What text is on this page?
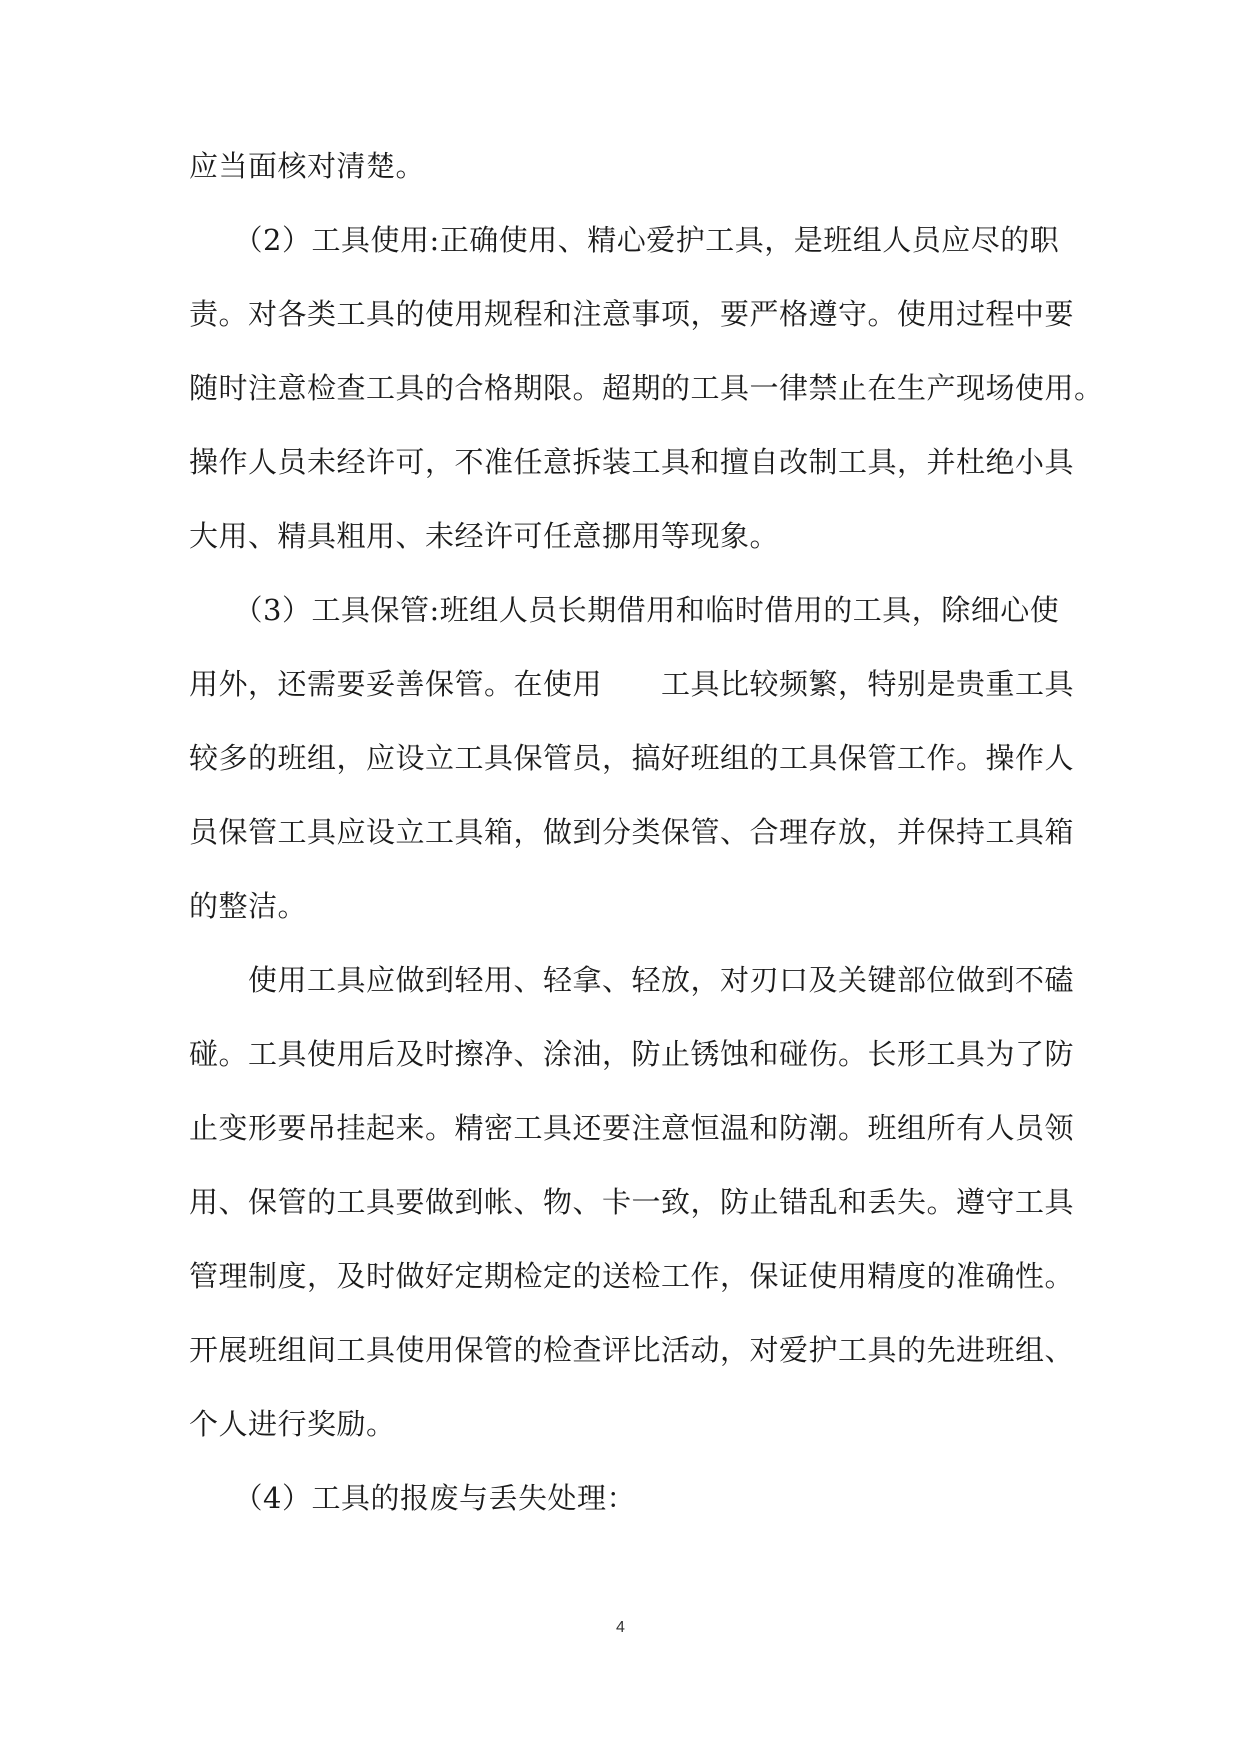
应当面核对清楚。
　　（2）工具使用:正确使用、精心爱护工具，是班组人员应尽的职
责。对各类工具的使用规程和注意事项，要严格遵守。使用过程中要
随时注意检查工具的合格期限。超期的工具一律禁止在生产现场使用。
操作人员未经许可，不准任意拆装工具和擅自改制工具，并杜绝小具
大用、精具粗用、未经许可任意挪用等现象。
　　（3）工具保管:班组人员长期借用和临时借用的工具，除细心使
用外，还需要妥善保管。在使用　　工具比较频繁，特别是贵重工具
较多的班组，应设立工具保管员，搞好班组的工具保管工作。操作人
员保管工具应设立工具箱，做到分类保管、合理存放，并保持工具箱
的整洁。
　　使用工具应做到轻用、轻拿、轻放，对刃口及关键部位做到不磕
碰。工具使用后及时擦净、涂油，防止锈蚀和碰伤。长形工具为了防
止变形要吊挂起来。精密工具还要注意恒温和防潮。班组所有人员领
用、保管的工具要做到帐、物、卡一致，防止错乱和丢失。遵守工具
管理制度，及时做好定期检定的送检工作，保证使用精度的准确性。
开展班组间工具使用保管的检查评比活动，对爱护工具的先进班组、
个人进行奖励。
　　（4）工具的报废与丢失处理：
4
